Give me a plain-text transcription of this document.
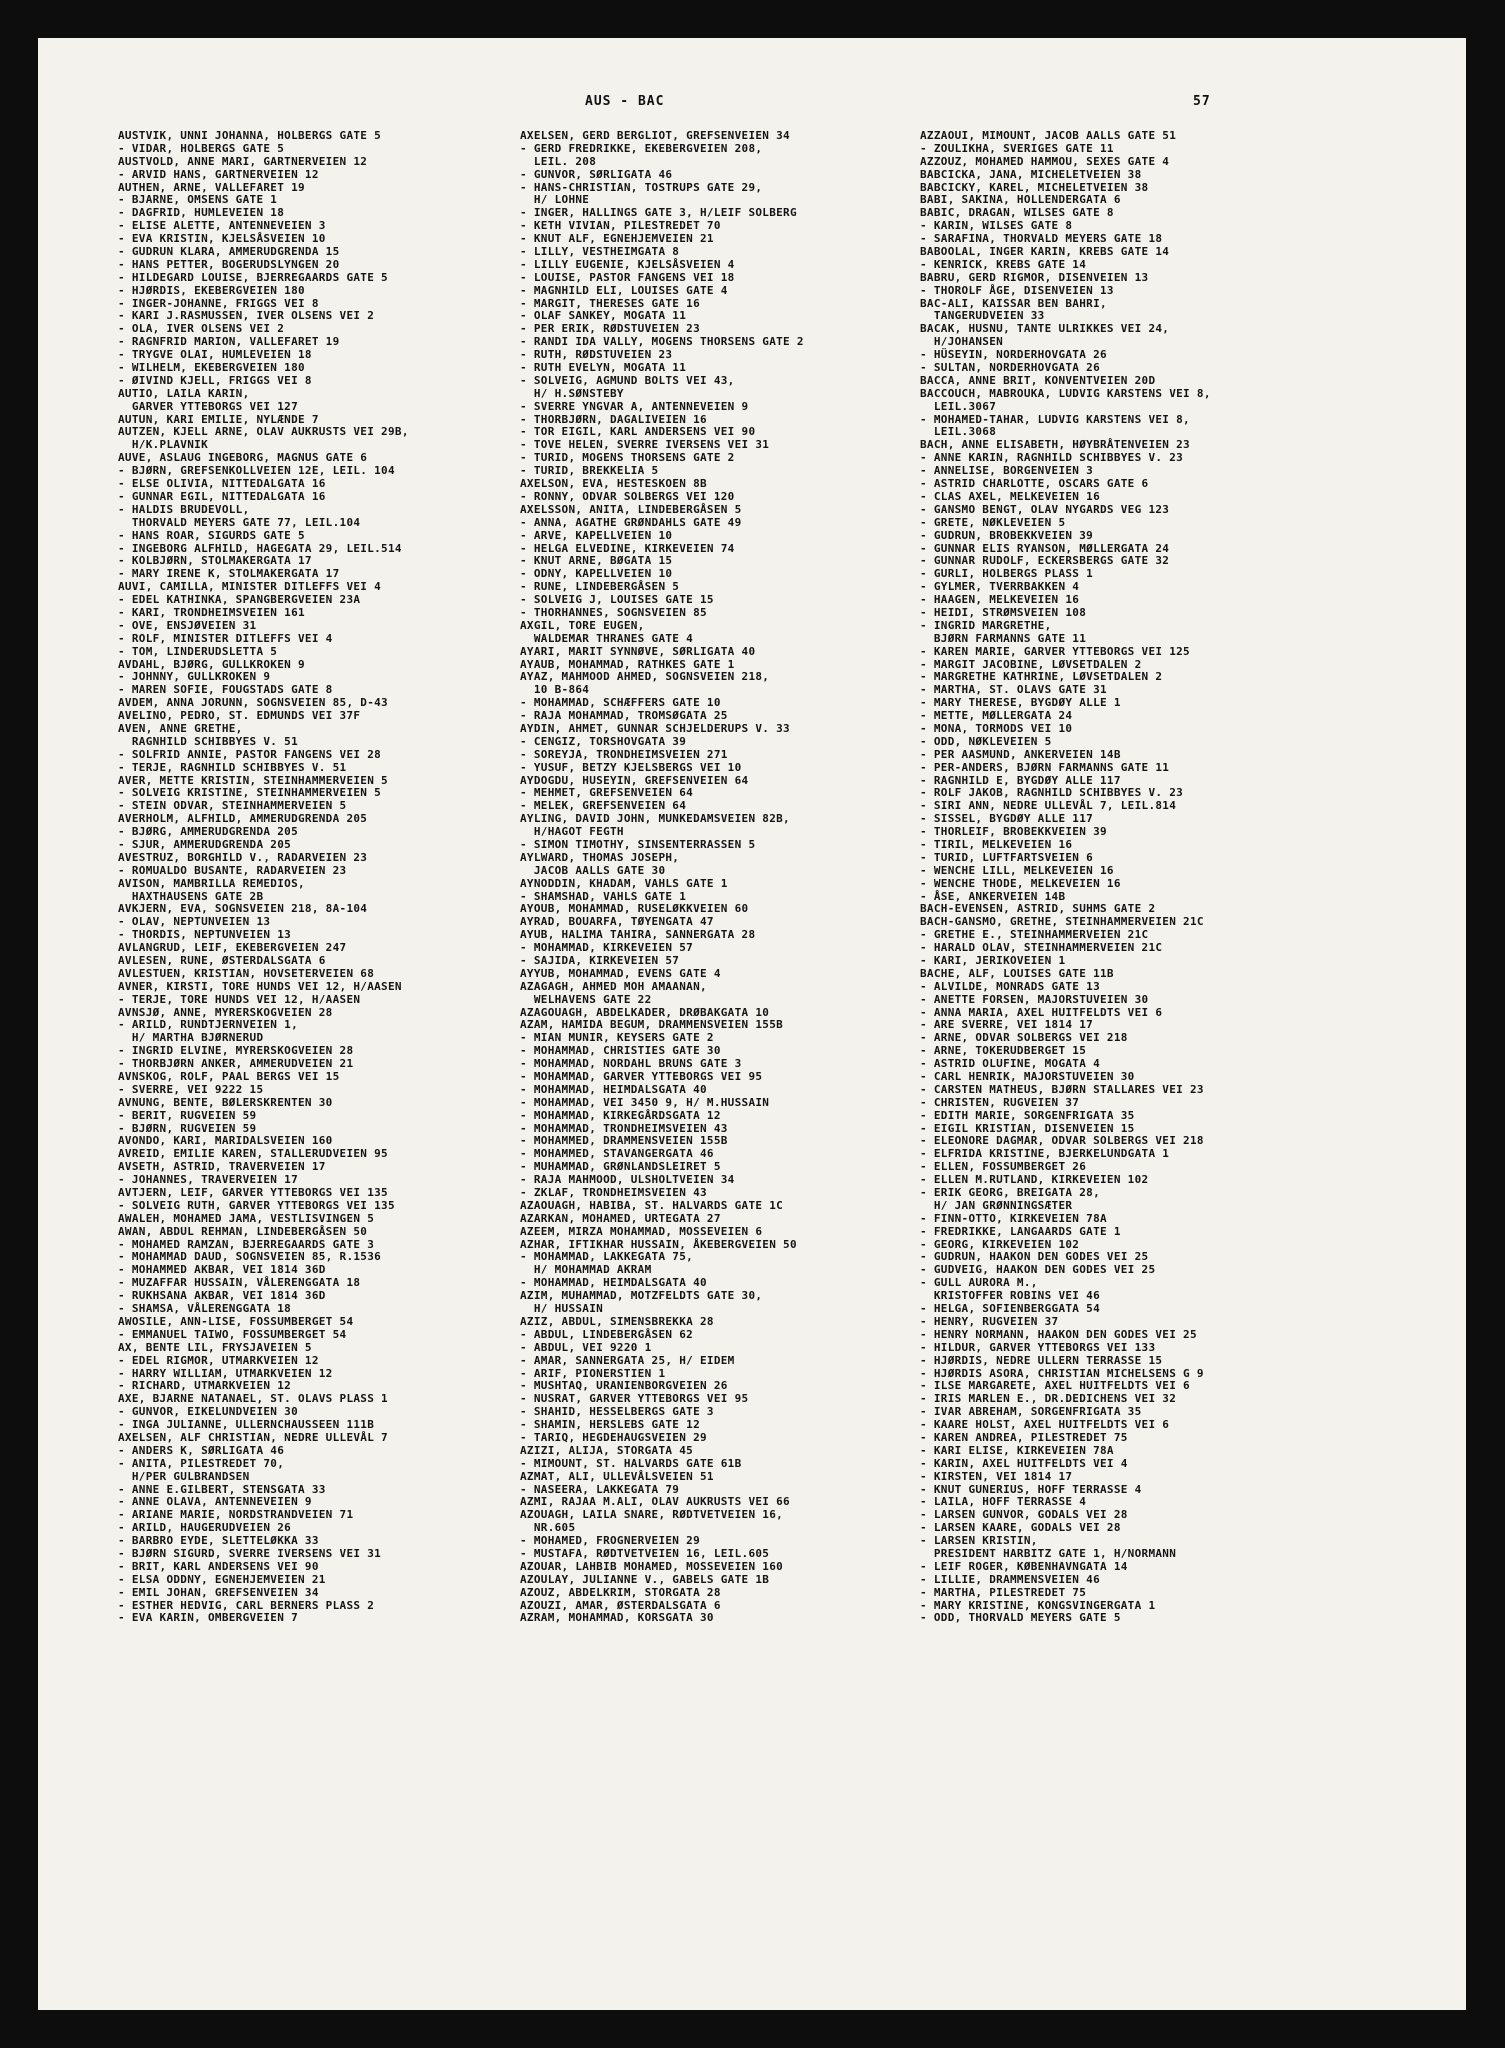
AUS - BAC	57
AUSTVIK, UNNI JOHANNA, HOLBERGS GATE 5
- VIDAR, HOLBERGS GATE 5
AUSTVOLD, ANNE MARI, GARTNERVEIEN 12
- ARVID HANS, GARTNERVEIEN 12
AUTHEN, ARNE, VALLEFARET 19
- BJARNE, OMSENS GATE 1
- DAGFRID, HUMLEVEIEN 18
- ELISE ALETTE, ANTENNEVEIEN 3
- EVA KRISTIN, KJELSÅSVEIEN 10
- GUDRUN KLARA, AMMERUDGRENDA 15
- HANS PETTER, BOGERUDSLYNGEN 20
- HILDEGARD LOUISE, BJERREGAARDS GATE 5
- HJØRDIS, EKEBERGVEIEN 180
- INGER-JOHANNE, FRIGGS VEI 8
- KARI J.RASMUSSEN, IVER OLSENS VEI 2
- OLA, IVER OLSENS VEI 2
- RAGNFRID MARION, VALLEFARET 19
- TRYGVE OLAI, HUMLEVEIEN 18
- WILHELM, EKEBERGVEIEN 180
- ØIVIND KJELL, FRIGGS VEI 8
AUTIO, LAILA KARIN,
GARVER YTTEBORGS VEI 127
AUTUN, KARI EMILIE, NYLÆNDE 7
AUTZEN, KJELL ARNE, OLAV AUKRUSTS VEI 29B,
H/K.PLAVNIK
AUVE, ASLAUG INGEBORG, MAGNUS GATE 6
- BJØRN, GREFSENKOLLVEIEN 12E, LEIL. 104
- ELSE OLIVIA, NITTEDALGATA 16
- GUNNAR EGIL, NITTEDALGATA 16
- HALDIS BRUDEVOLL,
THORVALD MEYERS GATE 77, LEIL.104
- HANS ROAR, SIGURDS GATE 5
- INGEBORG ALFHILD, HAGEGATA 29, LEIL.514
- KOLBJØRN, STOLMAKERGATA 17
- MARY IRENE K, STOLMAKERGATA 17
AUVI, CAMILLA, MINISTER DITLEFFS VEI 4
- EDEL KATHINKA, SPANGBERGVEIEN 23A
- KARI, TRONDHEIMSVEIEN 161
- OVE, ENSJØVEIEN 31
- ROLF, MINISTER DITLEFFS VEI 4
- TOM, LINDERUDSLETTA 5
AVDAHL, BJØRG, GULLKROKEN 9
- JOHNNY, GULLKROKEN 9
- MAREN SOFIE, FOUGSTADS GATE 8
AVDEM, ANNA JORUNN, SOGNSVEIEN 85, D-43
AVELINO, PEDRO, ST. EDMUNDS VEI 37F
AVEN, ANNE GRETHE,
RAGNHILD SCHIBBYES V. 51
- SOLFRID ANNIE, PASTOR FANGENS VEI 28
- TERJE, RAGNHILD SCHIBBYES V. 51
AVER, METTE KRISTIN, STEINHAMMERVEIEN 5
- SOLVEIG KRISTINE, STEINHAMMERVEIEN 5
- STEIN ODVAR, STEINHAMMERVEIEN 5
AVERHOLM, ALFHILD, AMMERUDGRENDA 205
- BJØRG, AMMERUDGRENDA 205
- SJUR, AMMERUDGRENDA 205
AVESTRUZ, BORGHILD V., RADARVEIEN 23
- ROMUALDO BUSANTE, RADARVEIEN 23
AVISON, MAMBRILLA REMEDIOS,
HAXTHAUSENS GATE 2B
AVKJERN, EVA, SOGNSVEIEN 218, 8A-104
- OLAV, NEPTUNVEIEN 13
- THORDIS, NEPTUNVEIEN 13
AVLANGRUD, LEIF, EKEBERGVEIEN 247
AVLESEN, RUNE, ØSTERDALSGATA 6
AVLESTUEN, KRISTIAN, HOVSETERVEIEN 68
AVNER, KIRSTI, TORE HUNDS VEI 12, H/AASEN
- TERJE, TORE HUNDS VEI 12, H/AASEN
AVNSJØ, ANNE, MYRERSKOGVEIEN 28
- ARILD, RUNDTJERNVEIEN 1,
H/ MARTHA BJØRNERUD
- INGRID ELVINE, MYRERSKOGVEIEN 28
- THORBJØRN ANKER, AMMERUDVEIEN 21
AVNSKOG, ROLF, PAAL BERGS VEI 15
- SVERRE, VEI 9222 15
AVNUNG, BENTE, BØLERSKRENTEN 30
- BERIT, RUGVEIEN 59
- BJØRN, RUGVEIEN 59
AVONDO, KARI, MARIDALSVEIEN 160
AVREID, EMILIE KAREN, STALLERUDVEIEN 95
AVSETH, ASTRID, TRAVERVEIEN 17
- JOHANNES, TRAVERVEIEN 17
AVTJERN, LEIF, GARVER YTTEBORGS VEI 135
- SOLVEIG RUTH, GARVER YTTEBORGS VEI 135
AWALEH, MOHAMED JAMA, VESTLISVINGEN 5
AWAN, ABDUL REHMAN, LINDEBERGÅSEN 50
- MOHAMED RAMZAN, BJERREGAARDS GATE 3
- MOHAMMAD DAUD, SOGNSVEIEN 85, R.1536
- MOHAMMED AKBAR, VEI 1814 36D
- MUZAFFAR HUSSAIN, VÅLERENGGATA 18
- RUKHSANA AKBAR, VEI 1814 36D
- SHAMSA, VÅLERENGGATA 18
AWOSILE, ANN-LISE, FOSSUMBERGET 54
- EMMANUEL TAIWO, FOSSUMBERGET 54
AX, BENTE LIL, FRYSJAVEIEN 5
- EDEL RIGMOR, UTMARKVEIEN 12
- HARRY WILLIAM, UTMARKVEIEN 12
- RICHARD, UTMARKVEIEN 12
AXE, BJARNE NATANAEL, ST. OLAVS PLASS 1
- GUNVOR, EIKELUNDVEIEN 30
- INGA JULIANNE, ULLERNCHAUSSEEN 111B
AXELSEN, ALF CHRISTIAN, NEDRE ULLEVÅL 7
- ANDERS K, SØRLIGATA 46
- ANITA, PILESTREDET 70,
H/PER GULBRANDSEN
- ANNE E.GILBERT, STENSGATA 33
- ANNE OLAVA, ANTENNEVEIEN 9
- ARIANE MARIE, NORDSTRANDVEIEN 71
- ARILD, HAUGERUDVEIEN 26
- BARBRO EYDE, SLETTELØKKA 33
- BJØRN SIGURD, SVERRE IVERSENS VEI 31
- BRIT, KARL ANDERSENS VEI 90
- ELSA ODDNY, EGNEHJEMVEIEN 21
- EMIL JOHAN, GREFSENVEIEN 34
- ESTHER HEDVIG, CARL BERNERS PLASS 2
- EVA KARIN, OMBERGVEIEN 7
AXELSEN, GERD BERGLIOT, GREFSENVEIEN 34
- GERD FREDRIKKE, EKEBERGVEIEN 208,
LEIL. 208
- GUNVOR, SØRLIGATA 46
- HANS-CHRISTIAN, TOSTRUPS GATE 29,
H/ LOHNE
- INGER, HALLINGS GATE 3, H/LEIF SOLBERG
- KETH VIVIAN, PILESTREDET 70
- KNUT ALF, EGNEHJEMVEIEN 21
- LILLY, VESTHEIMGATA 8
- LILLY EUGENIE, KJELSÅSVEIEN 4
- LOUISE, PASTOR FANGENS VEI 18
- MAGNHILD ELI, LOUISES GATE 4
- MARGIT, THERESES GATE 16
- OLAF SANKEY, MOGATA 11
- PER ERIK, RØDSTUVEIEN 23
- RANDI IDA VALLY, MOGENS THORSENS GATE 2
- RUTH, RØDSTUVEIEN 23
- RUTH EVELYN, MOGATA 11
- SOLVEIG, AGMUND BOLTS VEI 43,
H/ H.SØNSTEBY
- SVERRE YNGVAR A, ANTENNEVEIEN 9
- THORBJØRN, DAGALIVEIEN 16
- TOR EIGIL, KARL ANDERSENS VEI 90
- TOVE HELEN, SVERRE IVERSENS VEI 31
- TURID, MOGENS THORSENS GATE 2
- TURID, BREKKELIA 5
AXELSON, EVA, HESTESKOEN 8B
- RONNY, ODVAR SOLBERGS VEI 120
AXELSSON, ANITA, LINDEBERGÅSEN 5
- ANNA, AGATHE GRØNDAHLS GATE 49
- ARVE, KAPELLVEIEN 10
- HELGA ELVEDINE, KIRKEVEIEN 74
- KNUT ARNE, BØGATA 15
- ODNY, KAPELLVEIEN 10
- RUNE, LINDEBERGÅSEN 5
- SOLVEIG J, LOUISES GATE 15
- THORHANNES, SOGNSVEIEN 85
AXGIL, TORE EUGEN,
WALDEMAR THRANES GATE 4
AYARI, MARIT SYNNØVE, SØRLIGATA 40
AYAUB, MOHAMMAD, RATHKES GATE 1
AYAZ, MAHMOOD AHMED, SOGNSVEIEN 218,
10 B-864
- MOHAMMAD, SCHÆFFERS GATE 10
- RAJA MOHAMMAD, TROMSØGATA 25
AYDIN, AHMET, GUNNAR SCHJELDERUPS V. 33
- CENGIZ, TORSHOVGATA 39
- SOREYJA, TRONDHEIMSVEIEN 271
- YUSUF, BETZY KJELSBERGS VEI 10
AYDOGDU, HUSEYIN, GREFSENVEIEN 64
- MEHMET, GREFSENVEIEN 64
- MELEK, GREFSENVEIEN 64
AYLING, DAVID JOHN, MUNKEDAMSVEIEN 82B,
H/HAGOT FEGTH
- SIMON TIMOTHY, SINSENTERRASSEN 5
AYLWARD, THOMAS JOSEPH,
JACOB AALLS GATE 30
AYNODDIN, KHADAM, VAHLS GATE 1
- SHAMSHAD, VAHLS GATE 1
AYOUB, MOHAMMAD, RUSELØKKVEIEN 60
AYRAD, BOUARFA, TØYENGATA 47
AYUB, HALIMA TAHIRA, SANNERGATA 28
- MOHAMMAD, KIRKEVEIEN 57
- SAJIDA, KIRKEVEIEN 57
AYYUB, MOHAMMAD, EVENS GATE 4
AZAGAGH, AHMED MOH AMAANAN,
WELHAVENS GATE 22
AZAGOUAGH, ABDELKADER, DRØBAKGATA 10
AZAM, HAMIDA BEGUM, DRAMMENSVEIEN 155B
- MIAN MUNIR, KEYSERS GATE 2
- MOHAMMAD, CHRISTIES GATE 30
- MOHAMMAD, NORDAHL BRUNS GATE 3
- MOHAMMAD, GARVER YTTEBORGS VEI 95
- MOHAMMAD, HEIMDALSGATA 40
- MOHAMMAD, VEI 3450 9, H/ M.HUSSAIN
- MOHAMMAD, KIRKEGÅRDSGATA 12
- MOHAMMAD, TRONDHEIMSVEIEN 43
- MOHAMMED, DRAMMENSVEIEN 155B
- MOHAMMED, STAVANGERGATA 46
- MUHAMMAD, GRØNLANDSLEIRET 5
- RAJA MAHMOOD, ULSHOLTVEIEN 34
- ZKLAF, TRONDHEIMSVEIEN 43
AZAOUAGH, HABIBA, ST. HALVARDS GATE 1C
AZARKAN, MOHAMED, URTEGATA 27
AZEEM, MIRZA MOHAMMAD, MOSSEVEIEN 6
AZHAR, IFTIKHAR HUSSAIN, ÅKEBERGVEIEN 50
- MOHAMMAD, LAKKEGATA 75,
H/ MOHAMMAD AKRAM
- MOHAMMAD, HEIMDALSGATA 40
AZIM, MUHAMMAD, MOTZFELDTS GATE 30,
H/ HUSSAIN
AZIZ, ABDUL, SIMENSBREKKA 28
- ABDUL, LINDEBERGÅSEN 62
- ABDUL, VEI 9220 1
- AMAR, SANNERGATA 25, H/ EIDEM
- ARIF, PIONERSTIEN 1
- MUSHTAQ, URANIENBORGVEIEN 26
- NUSRAT, GARVER YTTEBORGS VEI 95
- SHAHID, HESSELBERGS GATE 3
- SHAMIN, HERSLEBS GATE 12
- TARIQ, HEGDEHAUGSVEIEN 29
AZIZI, ALIJA, STORGATA 45
- MIMOUNT, ST. HALVARDS GATE 61B
AZMAT, ALI, ULLEVÅLSVEIEN 51
- NASEERA, LAKKEGATA 79
AZMI, RAJAA M.ALI, OLAV AUKRUSTS VEI 66
AZOUAGH, LAILA SNARE, RØDTVETVEIEN 16,
NR.605
- MOHAMED, FROGNERVEIEN 29
- MUSTAFA, RØDTVETVEIEN 16, LEIL.605
AZOUAR, LAHBIB MOHAMED, MOSSEVEIEN 160
AZOULAY, JULIANNE V., GABELS GATE 1B
AZOUZ, ABDELKRIM, STORGATA 28
AZOUZI, AMAR, ØSTERDALSGATA 6
AZRAM, MOHAMMAD, KORSGATA 30
AZZAOUI, MIMOUNT, JACOB AALLS GATE 51
- ZOULIKHA, SVERIGES GATE 11
AZZOUZ, MOHAMED HAMMOU, SEXES GATE 4
BABCICKA, JANA, MICHELETVEIEN 38
BABCICKY, KAREL, MICHELETVEIEN 38
BABI, SAKINA, HOLLENDERGATA 6
BABIC, DRAGAN, WILSES GATE 8
- KARIN, WILSES GATE 8
- SARAFINA, THORVALD MEYERS GATE 18
BABOOLAL, INGER KARIN, KREBS GATE 14
- KENRICK, KREBS GATE 14
BABRU, GERD RIGMOR, DISENVEIEN 13
- THOROLF ÅGE, DISENVEIEN 13
BAC-ALI, KAISSAR BEN BAHRI,
TANGERUDVEIEN 33
BACAK, HUSNU, TANTE ULRIKKES VEI 24,
H/JOHANSEN
- HÜSEYIN, NORDERHOVGATA 26
- SULTAN, NORDERHOVGATA 26
BACCA, ANNE BRIT, KONVENTVEIEN 20D
BACCOUCH, MABROUKA, LUDVIG KARSTENS VEI 8,
LEIL.3067
- MOHAMED-TAHAR, LUDVIG KARSTENS VEI 8,
LEIL.3068
BACH, ANNE ELISABETH, HØYBRÅTENVEIEN 23
- ANNE KARIN, RAGNHILD SCHIBBYES V. 23
- ANNELISE, BORGENVEIEN 3
- ASTRID CHARLOTTE, OSCARS GATE 6
- CLAS AXEL, MELKEVEIEN 16
- GANSMO BENGT, OLAV NYGARDS VEG 123
- GRETE, NØKLEVEIEN 5
- GUDRUN, BROBEKKVEIEN 39
- GUNNAR ELIS RYANSON, MØLLERGATA 24
- GUNNAR RUDOLF, ECKERSBERGS GATE 32
- GURLI, HOLBERGS PLASS 1
- GYLMER, TVERRBAKKEN 4
- HAAGEN, MELKEVEIEN 16
- HEIDI, STRØMSVEIEN 108
- INGRID MARGRETHE,
BJØRN FARMANNS GATE 11
- KAREN MARIE, GARVER YTTEBORGS VEI 125
- MARGIT JACOBINE, LØVSETDALEN 2
- MARGRETHE KATHRINE, LØVSETDALEN 2
- MARTHA, ST. OLAVS GATE 31
- MARY THERESE, BYGDØY ALLE 1
- METTE, MØLLERGATA 24
- MONA, TORMODS VEI 10
- ODD, NØKLEVEIEN 5
- PER AASMUND, ANKERVEIEN 14B
- PER-ANDERS, BJØRN FARMANNS GATE 11
- RAGNHILD E, BYGDØY ALLE 117
- ROLF JAKOB, RAGNHILD SCHIBBYES V. 23
- SIRI ANN, NEDRE ULLEVÅL 7, LEIL.814
- SISSEL, BYGDØY ALLE 117
- THORLEIF, BROBEKKVEIEN 39
- TIRIL, MELKEVEIEN 16
- TURID, LUFTFARTSVEIEN 6
- WENCHE LILL, MELKEVEIEN 16
- WENCHE THODE, MELKEVEIEN 16
- ÅSE, ANKERVEIEN 14B
BACH-EVENSEN, ASTRID, SUHMS GATE 2
BACH-GANSMO, GRETHE, STEINHAMMERVEIEN 21C
- GRETHE E., STEINHAMMERVEIEN 21C
- HARALD OLAV, STEINHAMMERVEIEN 21C
- KARI, JERIKOVEIEN 1
BACHE, ALF, LOUISES GATE 11B
- ALVILDE, MONRADS GATE 13
- ANETTE FORSEN, MAJORSTUVEIEN 30
- ANNA MARIA, AXEL HUITFELDTS VEI 6
- ARE SVERRE, VEI 1814 17
- ARNE, ODVAR SOLBERGS VEI 218
- ARNE, TOKERUDBERGET 15
- ASTRID OLUFINE, MOGATA 4
- CARL HENRIK, MAJORSTUVEIEN 30
- CARSTEN MATHEUS, BJØRN STALLARES VEI 23
- CHRISTEN, RUGVEIEN 37
- EDITH MARIE, SORGENFRIGATA 35
- EIGIL KRISTIAN, DISENVEIEN 15
- ELEONORE DAGMAR, ODVAR SOLBERGS VEI 218
- ELFRIDA KRISTINE, BJERKELUNDGATA 1
- ELLEN, FOSSUMBERGET 26
- ELLEN M.RUTLAND, KIRKEVEIEN 102
- ERIK GEORG, BREIGATA 28,
H/ JAN GRØNNINGSÆTER
- FINN-OTTO, KIRKEVEIEN 78A
- FREDRIKKE, LANGAARDS GATE 1
- GEORG, KIRKEVEIEN 102
- GUDRUN, HAAKON DEN GODES VEI 25
- GUDVEIG, HAAKON DEN GODES VEI 25
- GULL AURORA M.,
KRISTOFFER ROBINS VEI 46
- HELGA, SOFIENBERGGATA 54
- HENRY, RUGVEIEN 37
- HENRY NORMANN, HAAKON DEN GODES VEI 25
- HILDUR, GARVER YTTEBORGS VEI 133
- HJØRDIS, NEDRE ULLERN TERRASSE 15
- HJØRDIS ASORA, CHRISTIAN MICHELSENS G 9
- ILSE MARGARETE, AXEL HUITFELDTS VEI 6
- IRIS MARLEN E., DR.DEDICHENS VEI 32
- IVAR ABREHAM, SORGENFRIGATA 35
- KAARE HOLST, AXEL HUITFELDTS VEI 6
- KAREN ANDREA, PILESTREDET 75
- KARI ELISE, KIRKEVEIEN 78A
- KARIN, AXEL HUITFELDTS VEI 4
- KIRSTEN, VEI 1814 17
- KNUT GUNERIUS, HOFF TERRASSE 4
- LAILA, HOFF TERRASSE 4
- LARSEN GUNVOR, GODALS VEI 28
- LARSEN KAARE, GODALS VEI 28
- LARSEN KRISTIN,
PRESIDENT HARBITZ GATE 1, H/NORMANN
- LEIF ROGER, KØBENHAVNGATA 14
- LILLIE, DRAMMENSVEIEN 46
- MARTHA, PILESTREDET 75
- MARY KRISTINE, KONGSVINGERGATA 1
- ODD, THORVALD MEYERS GATE 5
